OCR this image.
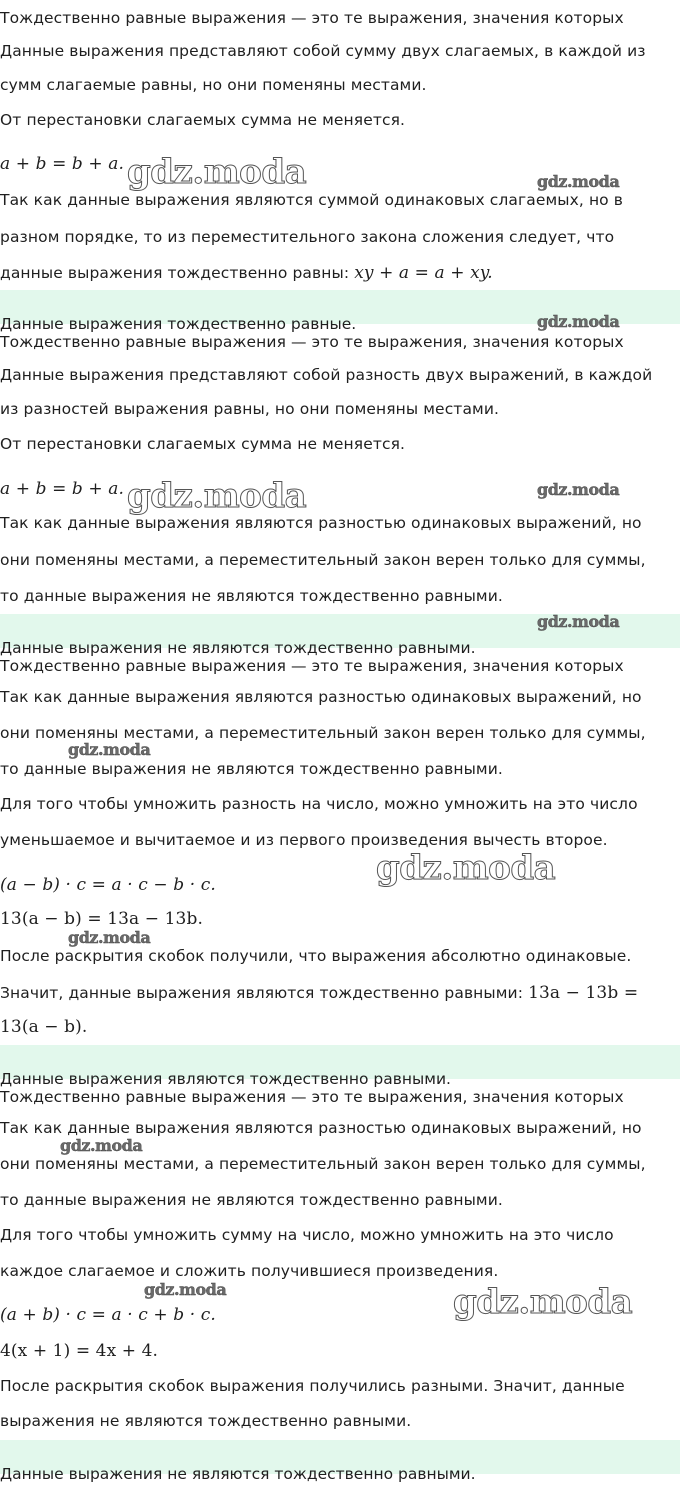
Тождественно равные выражения — это те выражения, значения которых

Данные выражения представляют собой сумму двух слагаемых, в каждой из

сумм слагаемые равны, но они поменяны местами.

От перестановки слагаемых сумма не меняется.

a + b = b + a. gdz.moda	gdz.moda

Так как данные выражения являются суммой одинаковых слагаемых, но в

разном порядке, то из переместительного закона сложения следует, что

данные выражения тождественно равны: xy + a = a + xy.

Данные выражения тождественно равные.	gdz.moda

Тождественно равные выражения — это те выражения, значения которых

Данные выражения представляют собой разность двух выражений, в каждой

из разностей выражения равны, но они поменяны местами.

От перестановки слагаемых сумма не меняется.

a + b = b + a. gdz.moda	gdz.moda

Так как данные выражения являются разностью одинаковых выражений, но

они поменяны местами, а переместительный закон верен только для суммы,

то данные выражения не являются тождественно равными.

Данные выражения не являются тождественно равными.

gdz.moda

Тождественно равные выражения — это те выражения, значения которых

Так как данные выражения являются разностью одинаковых выражений, но

они поменяны местами, а переместительный закон верен только для суммы,

gdz.moda

то данные выражения не являются тождественно равными.

Для того чтобы умножить разность на число, можно умножить на это число

уменьшаемое и вычитаемое и из первого произведения вычесть второе.

gdz.moda

(a − b) · c = a · c − b · c.

13(a − b) = 13a − 13b.

gdz.moda

После раскрытия скобок получили, что выражения абсолютно одинаковые.

Значит, данные выражения являются тождественно равными: 13a − 13b =

13(a − b).

Данные выражения являются тождественно равными.

Тождественно равные выражения — это те выражения, значения которых

Так как данные выражения являются разностью одинаковых выражений, но

gdz.moda

они поменяны местами, а переместительный закон верен только для суммы,

то данные выражения не являются тождественно равными.

Для того чтобы умножить сумму на число, можно умножить на это число

каждое слагаемое и сложить получившиеся произведения.

gdz.moda	gdz.moda

(a + b) · c = a · c + b · c.

4(x + 1) = 4x + 4.

После раскрытия скобок выражения получились разными. Значит, данные

выражения не являются тождественно равными.

Данные выражения не являются тождественно равными.
